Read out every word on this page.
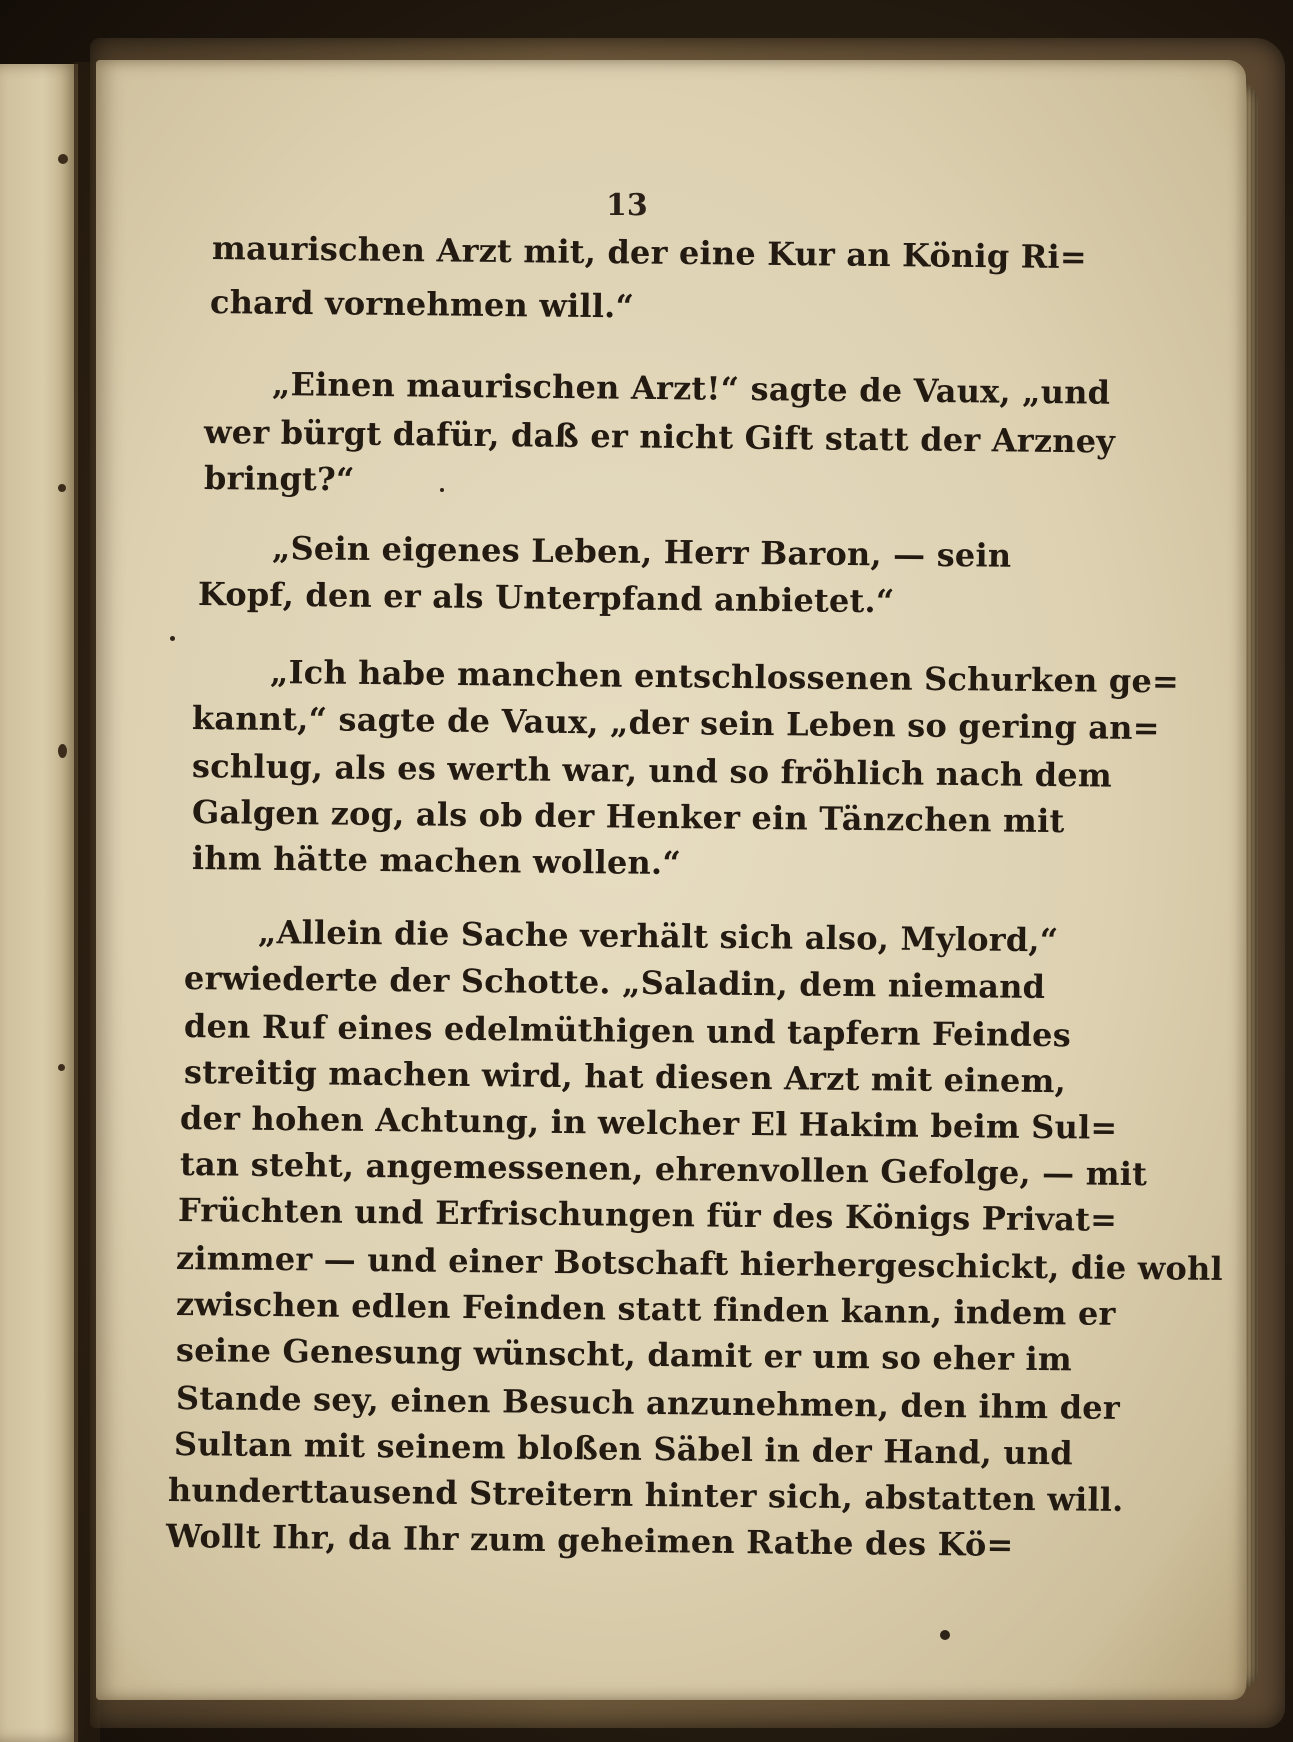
13

maurischen Arzt mit, der eine Kur an König Ri=

chard vornehmen will.“

„Einen maurischen Arzt!“ sagte de Vaux, „und

wer bürgt dafür, daß er nicht Gift statt der Arzney

bringt?“

„Sein eigenes Leben, Herr Baron, — sein

Kopf, den er als Unterpfand anbietet.“

„Ich habe manchen entschlossenen Schurken ge=

kannt,“ sagte de Vaux, „der sein Leben so gering an=

schlug, als es werth war, und so fröhlich nach dem

Galgen zog, als ob der Henker ein Tänzchen mit

ihm hätte machen wollen.“

„Allein die Sache verhält sich also, Mylord,“

erwiederte der Schotte. „Saladin, dem niemand

den Ruf eines edelmüthigen und tapfern Feindes

streitig machen wird, hat diesen Arzt mit einem,

der hohen Achtung, in welcher El Hakim beim Sul=

tan steht, angemessenen, ehrenvollen Gefolge, — mit

Früchten und Erfrischungen für des Königs Privat=

zimmer — und einer Botschaft hierhergeschickt, die wohl

zwischen edlen Feinden statt finden kann, indem er

seine Genesung wünscht, damit er um so eher im

Stande sey, einen Besuch anzunehmen, den ihm der

Sultan mit seinem bloßen Säbel in der Hand, und

hunderttausend Streitern hinter sich, abstatten will.

Wollt Ihr, da Ihr zum geheimen Rathe des Kö=
